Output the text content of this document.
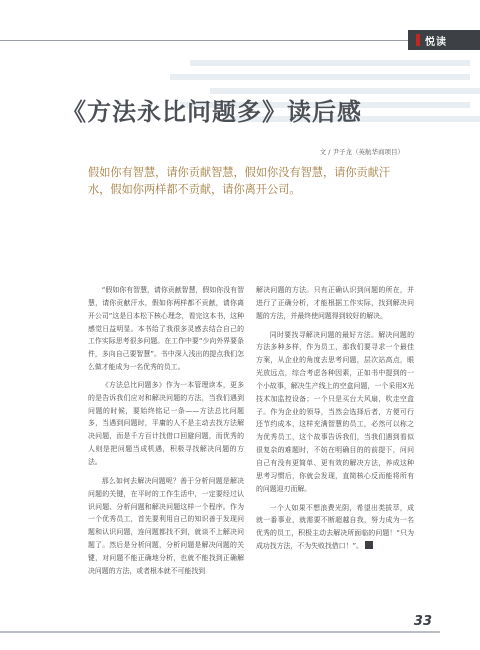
悦读
《方法永比问题多》读后感
文 / 尹子龙（英航华商项目）
假如你有智慧，请你贡献智慧，假如你没有智慧，请你贡献汗水，假如你两样都不贡献，请你离开公司。

“假如你有智慧，请你贡献智慧，假如你没有智慧，请你贡献汗水，假如你两样都不贡献，请你离开公司”这是日本松下核心理念，看完这本书，这种感觉日益明显。本书给了我很多灵感去结合自己的工作实际思考很多问题。在工作中要“少向外界要条件，多向自己要智慧”。书中深入浅出的提点我们怎么做才能成为一名优秀的员工。

《方法总比问题多》作为一本管理读本，更多的是告诉我们应对和解决问题的方法，当我们遇到问题的时候，要始终铭记一条——方法总比问题多，当遇到问题时，平庸的人不是主动去找方法解决问题，而是千方百计找借口回避问题，而优秀的人则是把问题当成机遇，积极寻找解决问题的方法。

那么如何去解决问题呢？善于分析问题是解决问题的关键，在平时的工作生活中，一定要经过认识问题、分析问题和解决问题这样一个程序。作为一个优秀员工，首先要利用自己的知识善于发现问题和认识问题，连问题都找不到，就谈不上解决问题了。然后是分析问题，分析问题是解决问题的关键，对问题不能正确地分析，也就不能找到正确解决问题的方法，或者根本就不可能找到

解决问题的方法。只有正确认识到问题的所在，并进行了正确分析，才能根据工作实际，找到解决问题的方法，并最终使问题得到较好的解决。

同时要找寻解决问题的最好方法。解决问题的方法多种多样，作为员工，那我们要寻求一个最佳方案，从企业的角度去思考问题，层次站高点，眼光放远点，综合考虑各种因素，正如书中提到的一个小故事，解决生产线上的空盒问题，一个采用X光技术加监控设备；一个只是买台大风扇，吹走空盒子。作为企业的领导，当然会选择后者，方便可行还节约成本，这样充满智慧的员工，必然可以称之为优秀员工，这个故事告诉我们，当我们遇到看似很复杂的难题时，不妨在明确目的的前提下，问问自己有没有更简单、更有效的解决方法，养成这种思考习惯后，你就会发现，直简核心反而能将所有的问题迎刃而解。

一个人如果不想浪费光阴，希望出类拔萃，成就一番事业，就需要不断超越自我，努力成为一名优秀的员工，积极主动去解决所面临的问题！“只为成功找方法，不为失败找借口！”。

33
